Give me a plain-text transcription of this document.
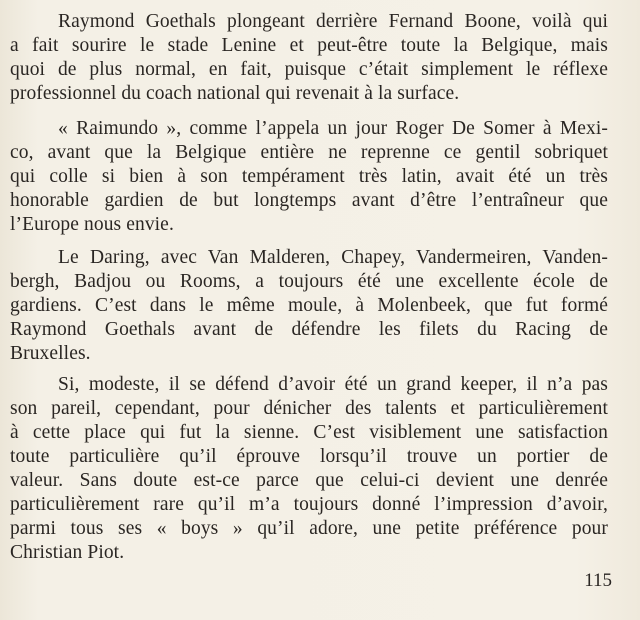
Raymond Goethals plongeant derrière Fernand Boone, voilà qui
a fait sourire le stade Lenine et peut-être toute la Belgique, mais
quoi de plus normal, en fait, puisque c’était simplement le réflexe
professionnel du coach national qui revenait à la surface.
« Raimundo », comme l’appela un jour Roger De Somer à Mexi-
co, avant que la Belgique entière ne reprenne ce gentil sobriquet
qui colle si bien à son tempérament très latin, avait été un très
honorable gardien de but longtemps avant d’être l’entraîneur que
l’Europe nous envie.
Le Daring, avec Van Malderen, Chapey, Vandermeiren, Vanden-
bergh, Badjou ou Rooms, a toujours été une excellente école de
gardiens. C’est dans le même moule, à Molenbeek, que fut formé
Raymond Goethals avant de défendre les filets du Racing de
Bruxelles.
Si, modeste, il se défend d’avoir été un grand keeper, il n’a pas
son pareil, cependant, pour dénicher des talents et particulièrement
à cette place qui fut la sienne. C’est visiblement une satisfaction
toute particulière qu’il éprouve lorsqu’il trouve un portier de
valeur. Sans doute est-ce parce que celui-ci devient une denrée
particulièrement rare qu’il m’a toujours donné l’impression d’avoir,
parmi tous ses « boys » qu’il adore, une petite préférence pour
Christian Piot.
115
